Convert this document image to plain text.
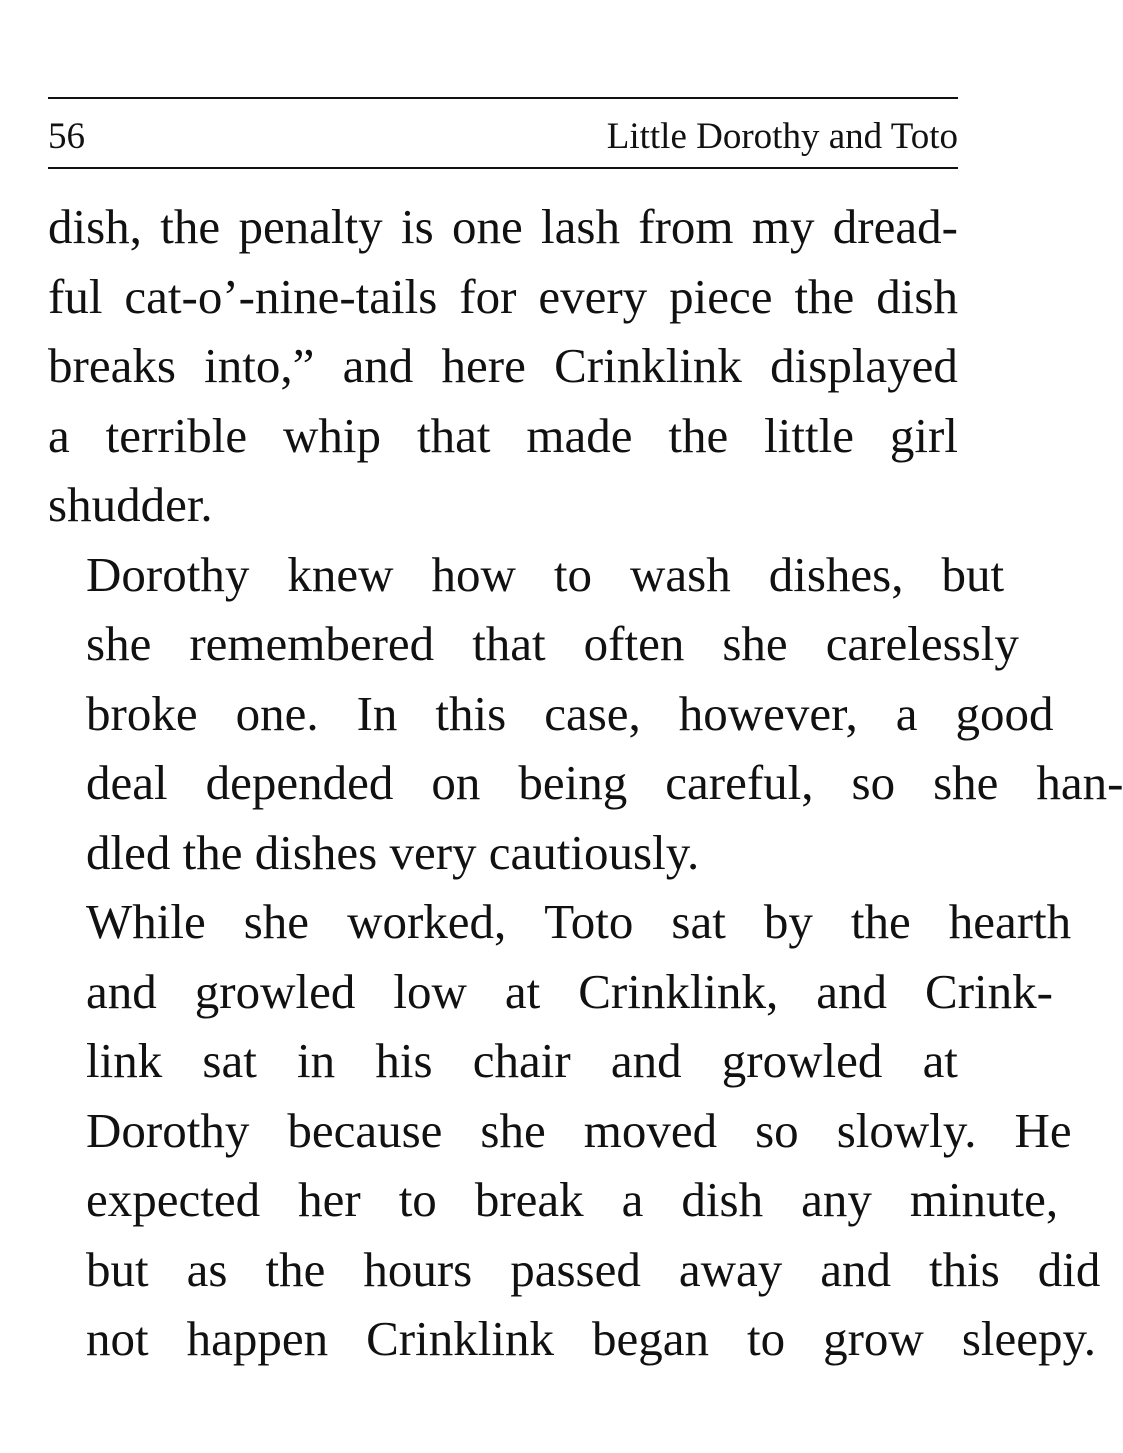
56	Little Dorothy and Toto

dish, the penalty is one lash from my dread-
ful cat-o’-nine-tails for every piece the dish
breaks into,” and here Crinklink displayed
a terrible whip that made the little girl
shudder.

Dorothy knew how to wash dishes, but
she remembered that often she carelessly
broke one. In this case, however, a good
deal depended on being careful, so she han-
dled the dishes very cautiously.

While she worked, Toto sat by the hearth
and growled low at Crinklink, and Crink-
link sat in his chair and growled at
Dorothy because she moved so slowly. He
expected her to break a dish any minute,
but as the hours passed away and this did
not happen Crinklink began to grow sleepy.
